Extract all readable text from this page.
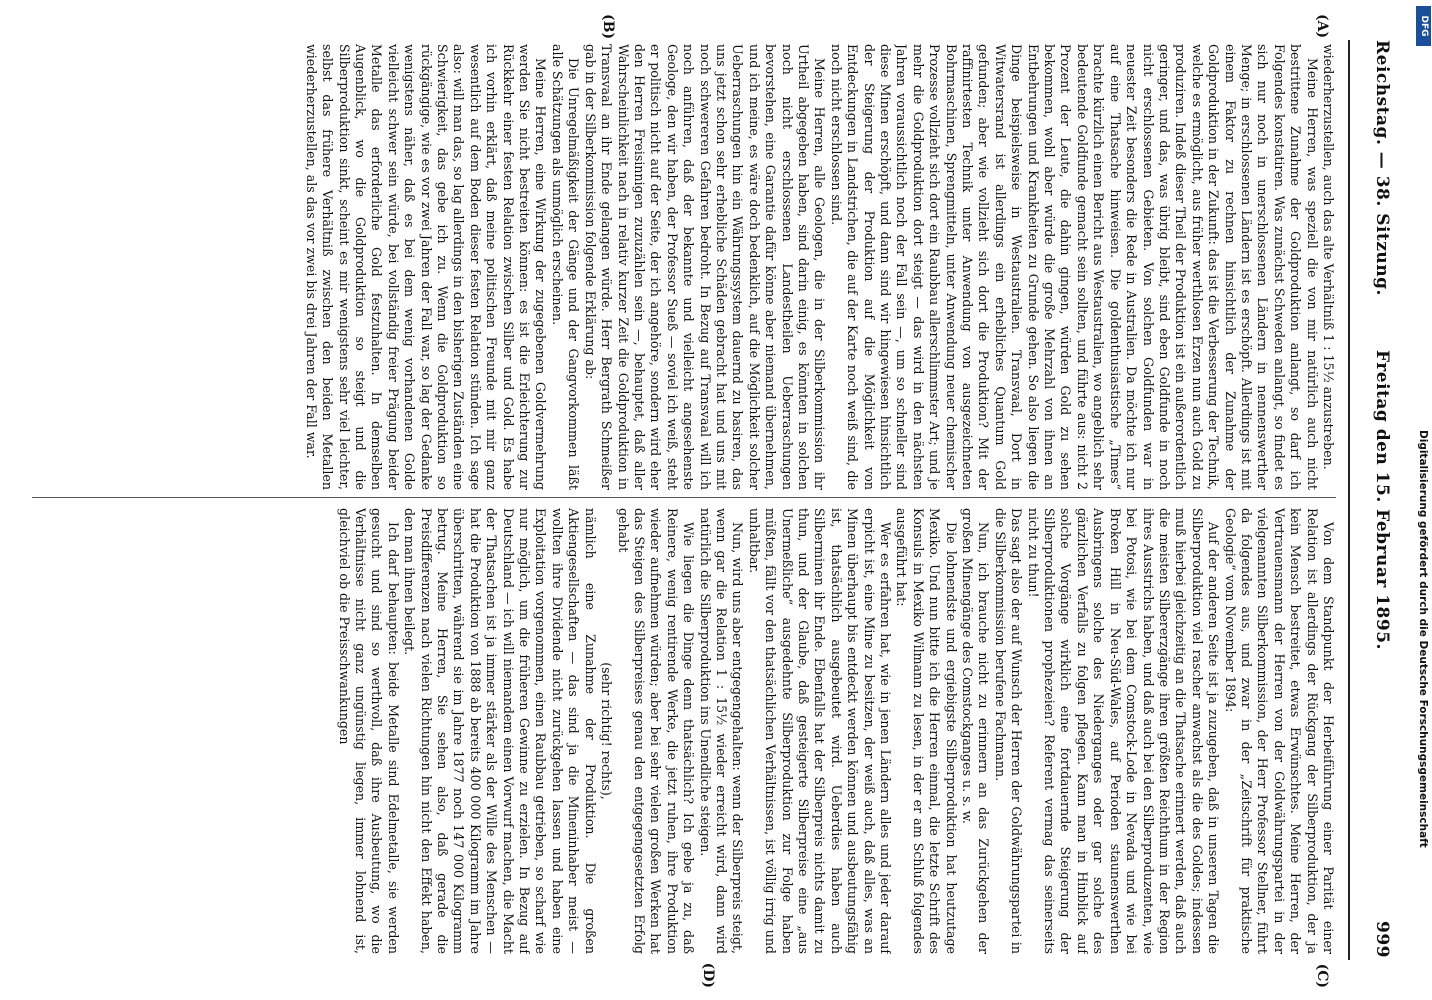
Reichstag. — 38. Sitzung.
Freitag den 15. Februar 1895.
999
(A)
(B)
(C)
(D)

wiederherzustellen, auch das alte Verhältniß 1 : 15½ anzustreben.

Meine Herren, was speziell die von mir natürlich auch nicht bestrittene Zunahme der Goldproduktion anlangt, so darf ich Folgendes konstatiren. Was zunächst Schweden anlangt, so findet es sich nur noch in unerschlossenen Ländern in nennenswerther Menge; in erschlossenen Ländern ist es erschöpft. Allerdings ist mit einem Faktor zu rechnen hinsichtlich der Zunahme der Goldproduktion in der Zukunft: das ist die Verbesserung der Technik, welche es ermöglicht, aus früher werthlosen Erzen nun auch Gold zu produziren. Indeß dieser Theil der Produktion ist ein außerordentlich geringer, und das, was übrig bleibt, sind eben Goldfunde in noch nicht erschlossenen Gebieten. Von solchen Goldfunden war in neuester Zeit besonders die Rede in Australien. Da möchte ich nur auf eine Thatsache hinweisen. Die goldenthusiastische „Times“ brachte kürzlich einen Bericht aus Westaustralien, wo angeblich sehr bedeutende Goldfunde gemacht sein sollten, und führte aus: nicht 2 Prozent der Leute, die dahin gingen, würden Gold zu sehen bekommen, wohl aber würde die große Mehrzahl von ihnen an Entbehrungen und Krankheiten zu Grunde gehen. So also liegen die Dinge beispielsweise in Westaustralien. Transvaal, Dort in Witwatersrand ist allerdings ein erhebliches Quantum Gold gefunden; aber wie vollzieht sich dort die Produktion? Mit der raffinirtesten Technik unter Anwendung von ausgezeichneten Bohrmaschinen, Sprengmitteln, unter Anwendung neuer chemischer Prozesse vollzieht sich dort ein Raubbau allerschlimmster Art; und je mehr die Goldproduktion dort steigt — das wird in den nächsten Jahren voraussichtlich noch der Fall sein —, um so schneller sind diese Minen erschöpft, und dann sind wir hingewiesen hinsichtlich der Steigerung der Produktion auf die Möglichkeit von Entdeckungen in Landstrichen, die auf der Karte noch weiß sind, die noch nicht erschlossen sind.

Meine Herren, alle Geologen, die in der Silberkommission ihr Urtheil abgegeben haben, sind darin einig, es könnten in solchen noch nicht erschlossenen Landestheilen Ueberraschungen bevorstehen, eine Garantie dafür könne aber niemand übernehmen, und ich meine, es wäre doch bedenklich, auf die Möglichkeit solcher Ueberraschungen hin ein Währungssystem dauernd zu basiren, das uns jetzt schon sehr erhebliche Schäden gebracht hat und uns mit noch schwereren Gefahren bedroht. In Bezug auf Transvaal will ich noch anführen, daß der bekannte und vielleicht angesehenste Geologe, den wir haben, der Professor Sueß — soviel ich weiß, steht er politisch nicht auf der Seite, der ich angehöre, sondern wird eher den Herren Freisinnigen zuzuzählen sein —, behauptet, daß aller Wahrscheinlichkeit nach in relativ kurzer Zeit die Goldproduktion in Transvaal an ihr Ende gelangen würde. Herr Bergrath Schmeißer gab in der Silberkommission folgende Erklärung ab:

Die Unregelmäßigkeit der Gänge und der Gangvorkommen läßt alle Schätzungen als unmöglich erscheinen.

Meine Herren, eine Wirkung der zugegebenen Goldvermehrung werden Sie nicht bestreiten können: es ist die Erleichterung zur Rückkehr einer festen Relation zwischen Silber und Gold. Es habe ich vorhin erklärt, daß meine politischen Freunde mit mir ganz wesentlich auf dem Boden dieser festen Relation stünden. Ich sage also: will man das, so lag allerdings in den bisherigen Zuständen eine Schwierigkeit, das gebe ich zu. Wenn die Goldproduktion so rückgängige, wie es vor zwei Jahren der Fall war, so lag der Gedanke wenigstens näher, daß es bei dem wenig vorhandenen Golde vielleicht schwer sein würde, bei vollständig freier Prägung beider Metalle das erforderliche Gold festzuhalten. In demselben Augenblick, wo die Goldproduktion so steigt und die Silberproduktion sinkt, scheint es mir wenigstens sehr viel leichter, selbst das frühere Verhältniß zwischen den beiden Metallen wiederherzustellen, als das vor zwei bis drei Jahren der Fall war.

Von dem Standpunkt der Herbeiführung einer Parität einer Relation ist allerdings der Rückgang der Silberproduktion, der ja kein Mensch bestreitet, etwas Erwünschtes. Meine Herren, der Vertrauensmann der Herren von der Goldwährungspartei in der vielgenannten Silberkommission, der Herr Professor Stellner, führt da folgendes aus, und zwar in der „Zeitschrift für praktische Geologie“ vom November 1894:

Auf der anderen Seite ist ja zuzugeben, daß in unseren Tagen die Silberproduktion viel rascher anwachst als die des Goldes; indessen muß hierbei gleichzeitig an die Thatsache erinnert werden, daß auch die meisten Silbererzgänge ihren größten Reichthum in der Region ihres Ausstrichs haben, und daß auch bei den Silberproduzenten, wie bei Potosi, wie bei dem Comstock-Lode in Nevada und wie bei Broken Hill in Neu-Süd-Wales, auf Perioden staunenswerthen Ausbringens solche des Niederganges oder gar solche des gänzlichen Verfalls zu folgen pflegen. Kann man in Hinblick auf solche Vorgänge wirklich eine fortdauernde Steigerung der Silberproduktionen prophezeien? Referent vermag das seinerseits nicht zu thun!

Das sagt also der auf Wunsch der Herren der Goldwährungspartei in die Silberkommission berufene Fachmann.

Nun, ich brauche nicht zu erinnern an das Zurückgehen der großen Minengänge des Comstockganges u. s. w.

Die lohnendste und ergiebigste Silberproduktion hat heutzutage Mexiko. Und nun bitte ich die Herren einmal, die letzte Schrift des Konsuls in Mexiko Wilmann zu lesen, in der er am Schluß folgendes ausgeführt hat:

Wer es erfahren hat, wie in jenen Ländern alles und jeder darauf erpicht ist, eine Mine zu besitzen, der weiß auch, daß alles, was an Minen überhaupt bis entdeckt werden können und ausbeutungsfähig ist, thatsächlich ausgebeutet wird. Ueberdies haben auch Silberminen ihr Ende. Ebenfalls hat der Silberpreis nichts damit zu thun, und der Glaube, daß gesteigerte Silberpreise eine „aus Unermeßliche“ ausgedehnte Silberproduktion zur Folge haben müßten, fällt vor den thatsächlichen Verhältnissen, ist völlig irrig und unhaltbar.

Nun, wird uns aber entgegengehalten: wenn der Silberpreis steigt, wenn gar die Relation 1 : 15½ wieder erreicht wird, dann wird natürlich die Silberproduktion ins Unendliche steigen.

Wie liegen die Dinge denn thatsächlich? Ich gebe ja zu, daß Reinere, wenig rentirende Werke, die jetzt ruhen, ihre Produktion wieder aufnehmen würden; aber bei sehr vielen großen Werken hat das Steigen des Silberpreises genau den entgegengesetzten Erfolg gehabt

(sehr richtig! rechts),

nämlich eine Zunahme der Produktion. Die großen Aktiengesellschaften — das sind ja die Mineninhaber meist — wollten ihre Dividende nicht zurückgehen lassen und haben eine Exploitation vorgenommen, einen Raubbau getrieben, so scharf wie nur möglich, um die früheren Gewinne zu erzielen. In Bezug auf Deutschland — ich will niemandem einen Vorwurf machen, die Macht der Thatsachen ist ja immer stärker als der Wille des Menschen — hat die Produktion von 1888 ab bereits 400 000 Kilogramm im Jahre überschritten, während sie im Jahre 1877 noch 147 000 Kilogramm betrug. Meine Herren, Sie sehen also, daß gerade die Preisdifferenzen nach vielen Richtungen hin nicht den Effekt haben, den man ihnen beilegt.

Ich darf behaupten: beide Metalle sind Edelmetalle, sie werden gesucht und sind so werthvoll, daß ihre Ausbeutung, wo die Verhältnisse nicht ganz ungünstig liegen, immer lohnend ist, gleichviel ob die Preisschwankungen

DFG
Digitalisierung gefördert durch die Deutsche Forschungsgemeinschaft
